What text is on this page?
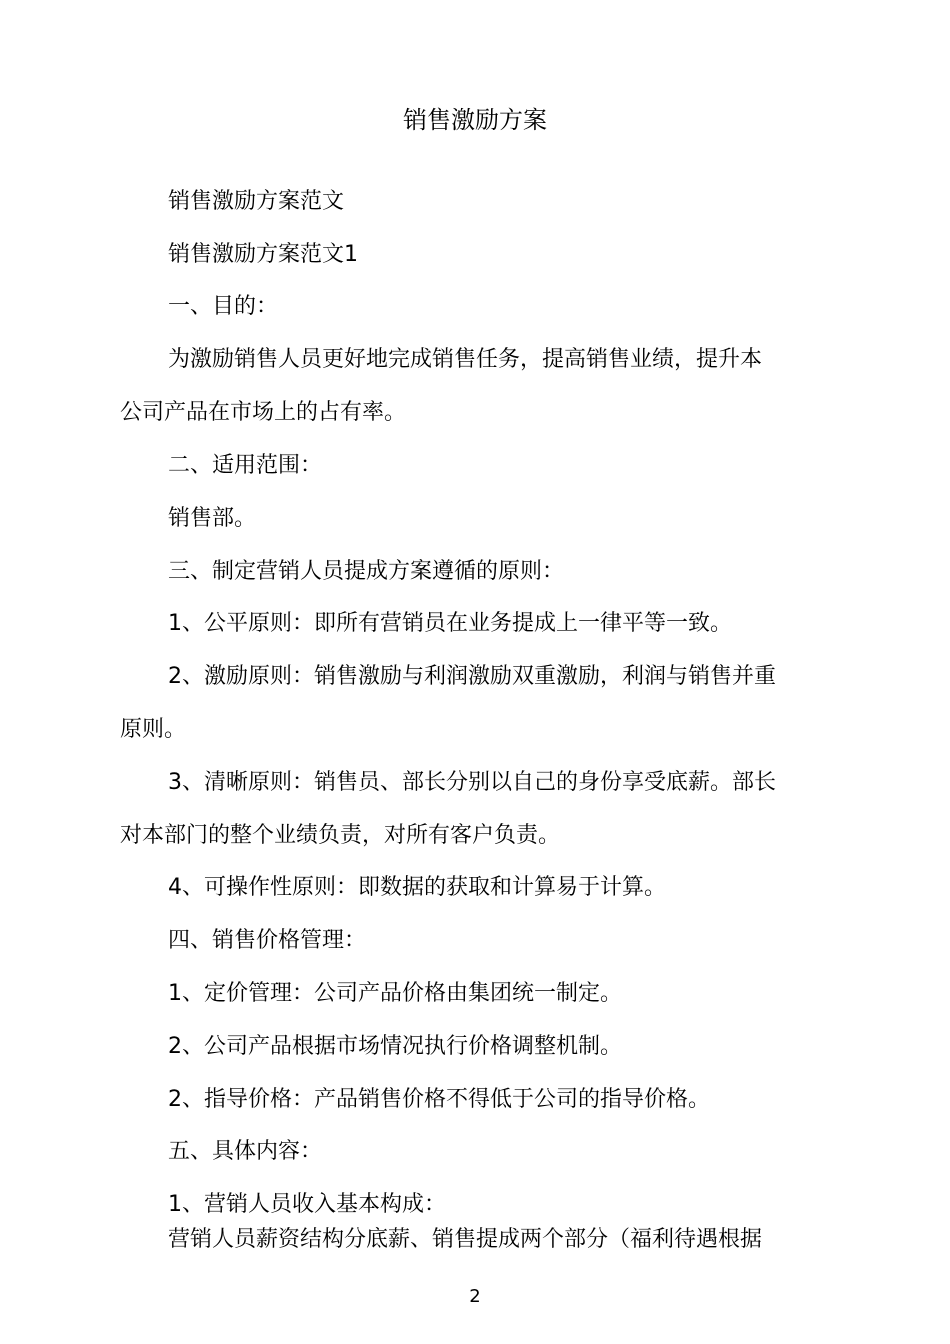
销售激励方案
销售激励方案范文
销售激励方案范文1
一、目的：
为激励销售人员更好地完成销售任务，提高销售业绩，提升本
公司产品在市场上的占有率。
二、适用范围：
销售部。
三、制定营销人员提成方案遵循的原则：
1、公平原则：即所有营销员在业务提成上一律平等一致。
2、激励原则：销售激励与利润激励双重激励，利润与销售并重
原则。
3、清晰原则：销售员、部长分别以自己的身份享受底薪。部长
对本部门的整个业绩负责，对所有客户负责。
4、可操作性原则：即数据的获取和计算易于计算。
四、销售价格管理：
1、定价管理：公司产品价格由集团统一制定。
2、公司产品根据市场情况执行价格调整机制。
2、指导价格：产品销售价格不得低于公司的指导价格。
五、具体内容：
1、营销人员收入基本构成：
营销人员薪资结构分底薪、销售提成两个部分（福利待遇根据
2
